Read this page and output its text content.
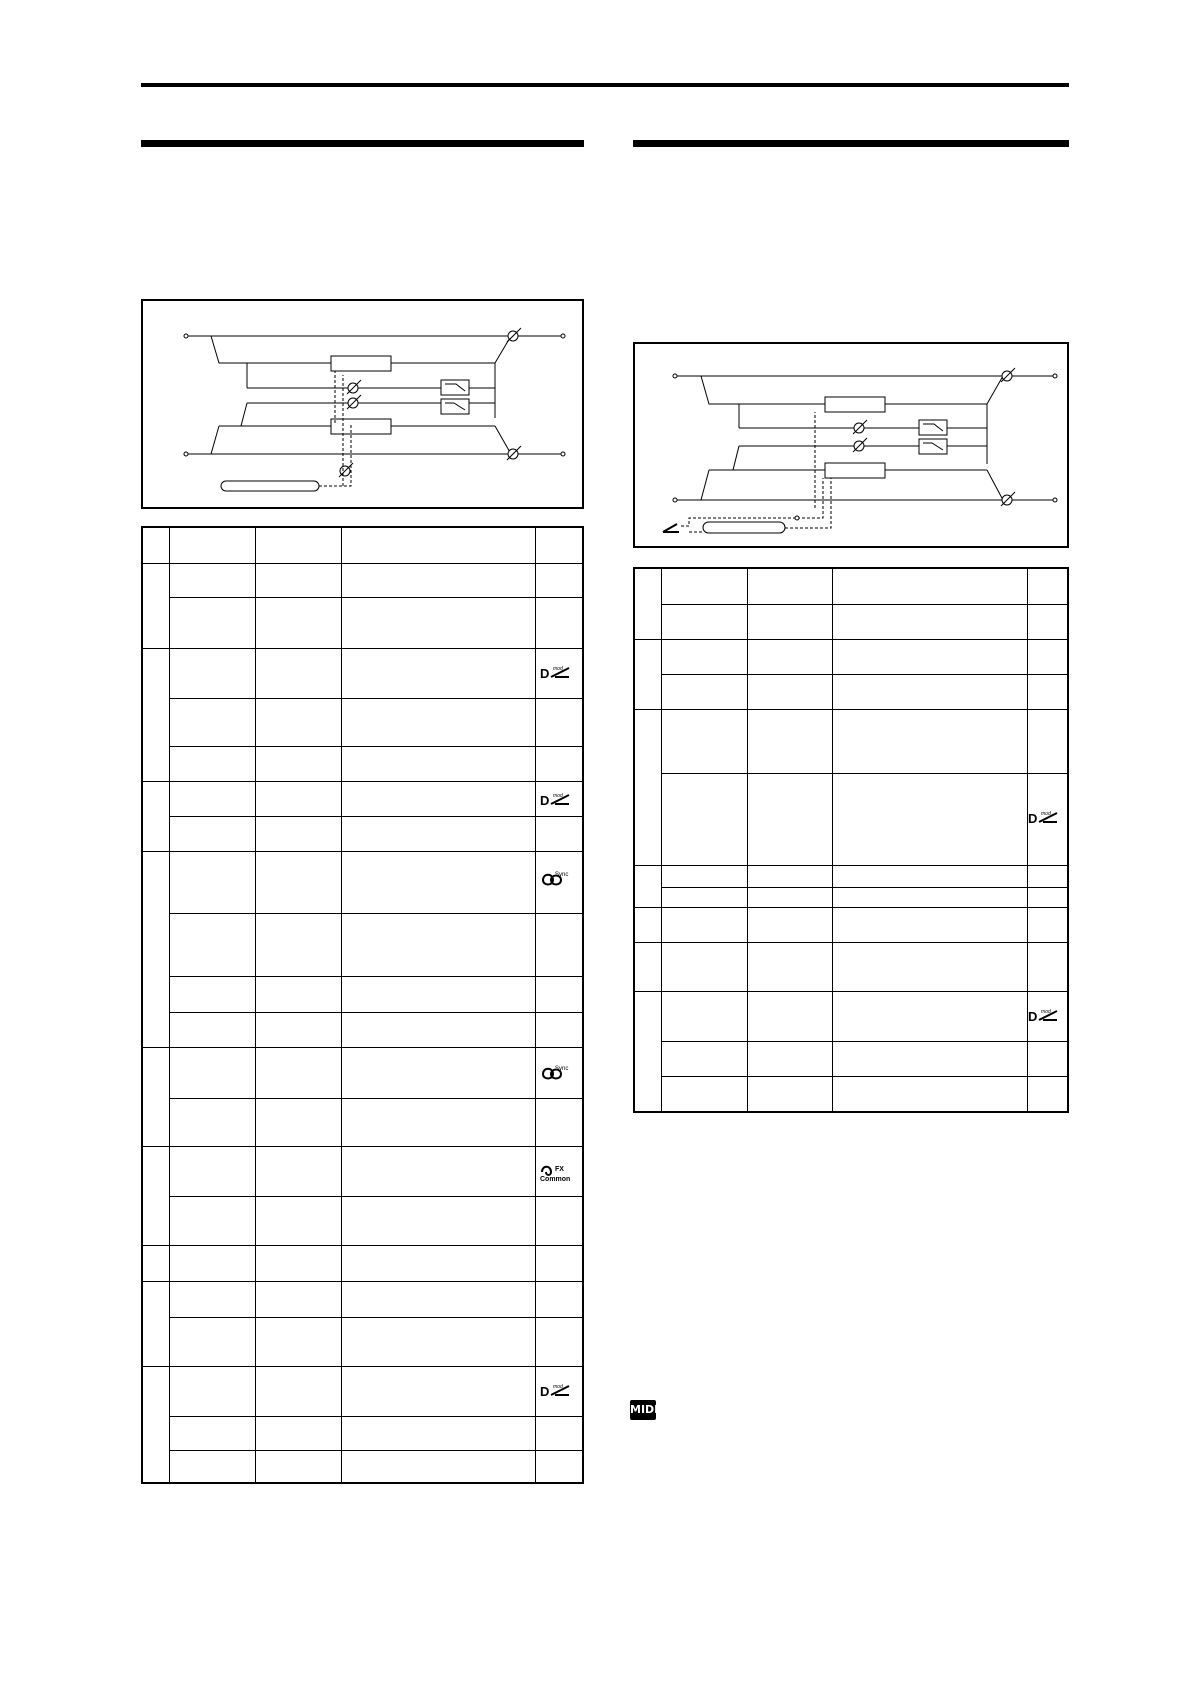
D mod
D mod
Sync
Sync
FX
Common
D mod
D mod
D mod
MIDI
